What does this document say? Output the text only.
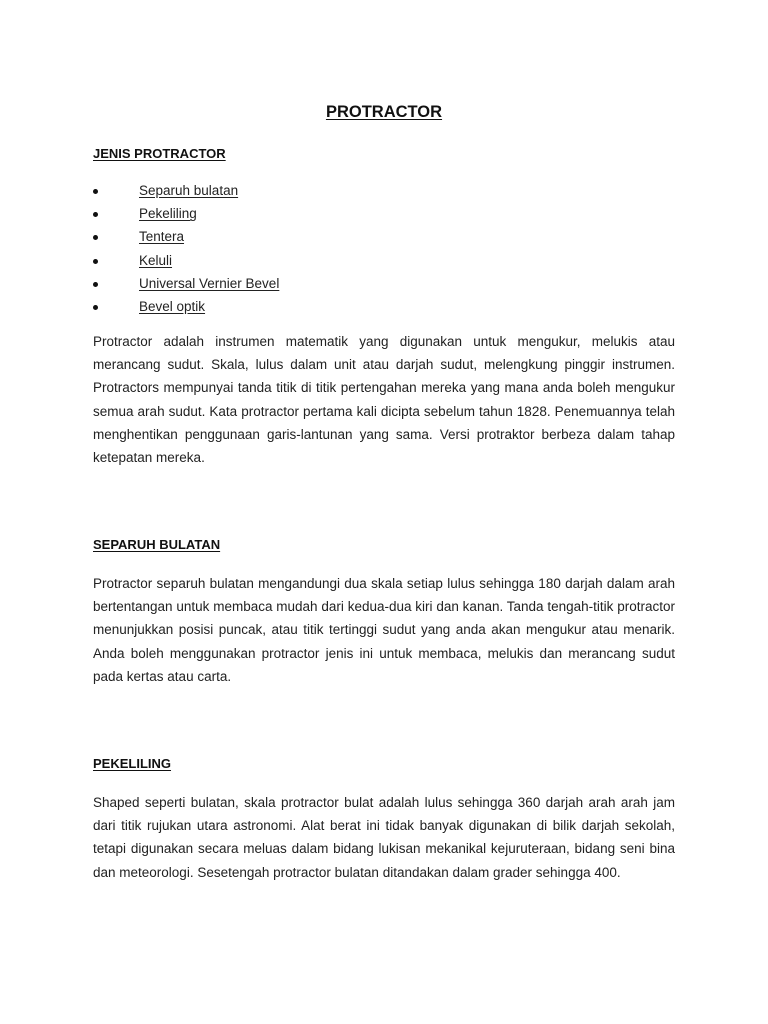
PROTRACTOR
JENIS PROTRACTOR
Separuh bulatan
Pekeliling
Tentera
Keluli
Universal Vernier Bevel
Bevel optik

Protractor adalah instrumen matematik yang digunakan untuk mengukur, melukis atau merancang sudut. Skala, lulus dalam unit atau darjah sudut, melengkung pinggir instrumen. Protractors mempunyai tanda titik di titik pertengahan mereka yang mana anda boleh mengukur semua arah sudut. Kata protractor pertama kali dicipta sebelum tahun 1828. Penemuannya telah menghentikan penggunaan garis-lantunan yang sama. Versi protraktor berbeza dalam tahap ketepatan mereka.

SEPARUH BULATAN

Protractor separuh bulatan mengandungi dua skala setiap lulus sehingga 180 darjah dalam arah bertentangan untuk membaca mudah dari kedua-dua kiri dan kanan. Tanda tengah-titik protractor menunjukkan posisi puncak, atau titik tertinggi sudut yang anda akan mengukur atau menarik. Anda boleh menggunakan protractor jenis ini untuk membaca, melukis dan merancang sudut pada kertas atau carta.

PEKELILING

Shaped seperti bulatan, skala protractor bulat adalah lulus sehingga 360 darjah arah arah jam dari titik rujukan utara astronomi. Alat berat ini tidak banyak digunakan di bilik darjah sekolah, tetapi digunakan secara meluas dalam bidang lukisan mekanikal kejuruteraan, bidang seni bina dan meteorologi. Sesetengah protractor bulatan ditandakan dalam grader sehingga 400.
